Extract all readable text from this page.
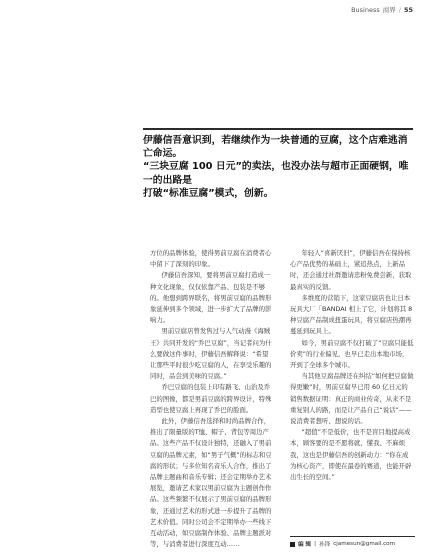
Business 商界 / 55
伊藤信吾意识到，若继续作为一块普通的豆腐，这个店难逃消亡命运。
“三块豆腐 100 日元”的卖法，也没办法与超市正面硬钢，唯一的出路是
打破“标准豆腐”模式，创新。

方位的品牌体验，使得男前豆腐在消费者心中留下了深刻的印象。

伊藤信吾深知，要将男前豆腐打造成一种文化现象，仅仅依靠产品、包装是不够的。他想到跨界联名，将男前豆腐的品牌形象延伸到多个领域，进一步扩大了品牌的影响力。

男前豆腐店曾发售过与人气动漫《海贼王》共同开发的“乔巴豆腐”，当记者问为什么要做这件事时，伊藤信吾解释说：“希望让那些平时很少吃豆腐的人，在享受乐趣的同时，品尝到美味的豆腐。”

乔巴豆腐的包装上印有路飞、山治及乔巴的图像，都是男前豆腐的跨界设计，特殊造型也使豆腐上再现了乔巴的脸面。

此外，伊藤信吾选择和时尚品牌合作，推出了限量版的T恤、帽子、背包等周边产品。这些产品不仅设计独特，还融入了男前豆腐的品牌元素，如“男子气概”的标志和豆腐的形状；与多位知名音乐人合作，推出了品牌主题曲和音乐专辑；还会定期举办艺术展览，邀请艺术家以男前豆腐为主题创作作品。这些频繁不仅展示了男前豆腐的品牌形象，还通过艺术的形式进一步提升了品牌的艺术价值。同时公司会不定期举办一些线下互动活动，如豆腐制作体验、品牌主题派对等，与消费者进行深度互动……

年轻人“喜新厌旧”，伊藤信吾在保持核心产品优势的基础上，紧追热点，上新品时，还会通过社群邀请忠粉免费尝新，获取最真实的反馈。

多维度的营销下，这家豆腐店也让日本玩具大厂「BANDAI 相上了它，计划将其 8 种豆腐产品制成扭蛋玩具，将豆腐店热潮再蔓延到玩具上。

如今，男前豆腐不仅打破了“豆腐只能低价卖”的行业偏见，也早已走出本地市场，开到了全球多个城市。

当其他豆腐品牌还在纠结“如何把豆腐做得更嫩”时，男前豆腐早已用 60 亿日元的销售数据证明：真正的商业传奇，从来不是重复别人的路，而是让产品自己“说话”——说消费者想听、想说的话。

“超值”不是低价，也不是盲目地提高成本，顾客要的是不愿将就、懂我、不麻烦我，这也是伊藤信吾的创新动力：“你在成为核心资产，即使在最卷的赛道，也能开辟出生长的空间。”

编 辑 | 孙锋 cjamesun@gmail.com
